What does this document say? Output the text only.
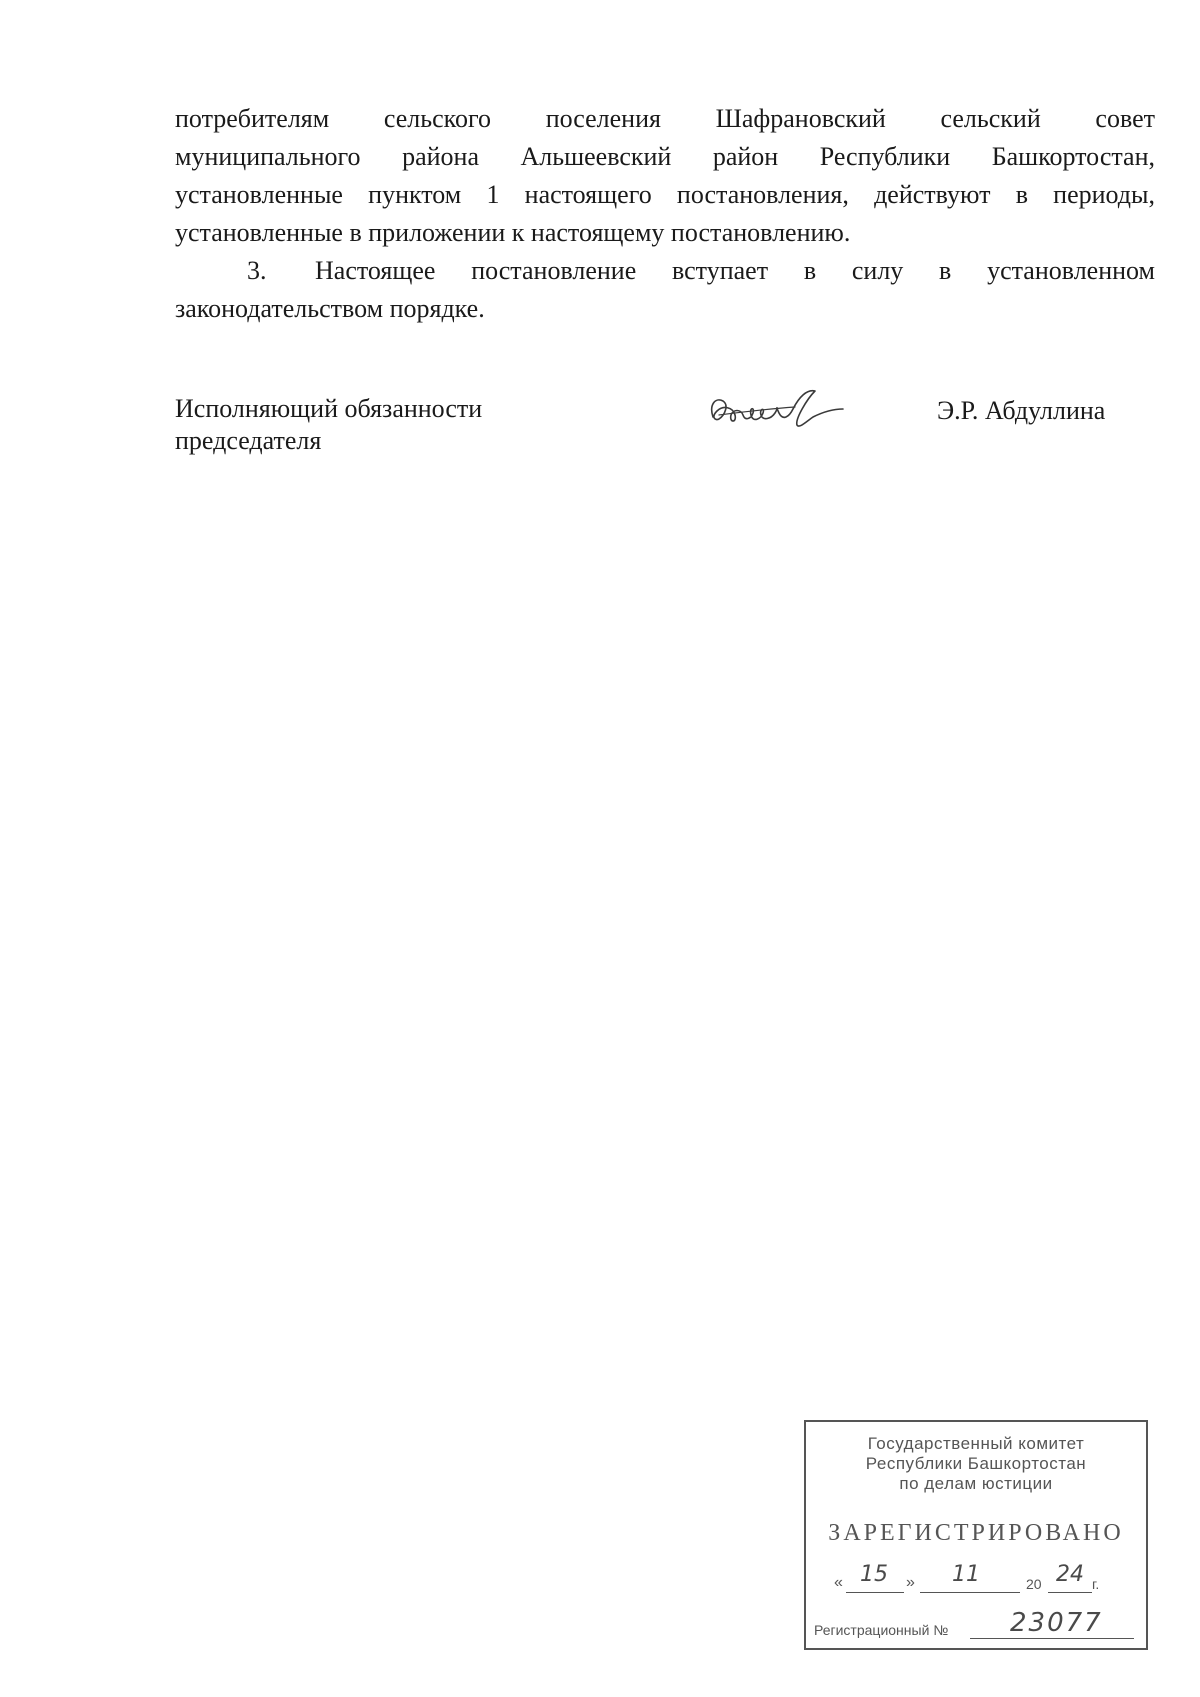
потребителям сельского поселения Шафрановский сельский совет
муниципального района Альшеевский район Республики Башкортостан,
установленные пунктом 1 настоящего постановления, действуют в периоды,
установленные в приложении к настоящему постановлению.
3. Настоящее постановление вступает в силу в установленном
законодательством порядке.
Исполняющий обязанности
председателя
Э.Р. Абдуллина
Государственный комитет
Республики Башкортостан
по делам юстиции
ЗАРЕГИСТРИРОВАНО
« 15 » 11	20 24 г.
Регистрационный № 23077
